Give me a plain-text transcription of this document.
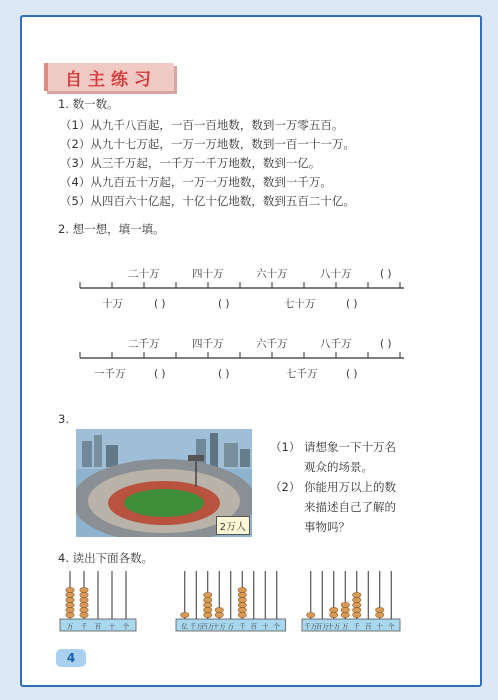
自主练习
1. 数一数。
（1）从九千八百起，一百一百地数，数到一万零五百。
（2）从九十七万起，一万一万地数，数到一百一十一万。
（3）从三千万起，一千万一千万地数，数到一亿。
（4）从九百五十万起，一万一万地数，数到一千万。
（5）从四百六十亿起，十亿十亿地数，数到五百二十亿。
2. 想一想，填一填。
二十万	四十万	六十万	八十万	( )
十万	( )	( )	七十万	( )
二千万	四千万	六千万	八千万	( )
一千万	( )	( )	七千万	( )
3.
2万人
（1） 请想象一下十万名
观众的场景。
（2） 你能用万以上的数
来描述自己了解的
事物吗？
4. 读出下面各数。
万 千 百 十 个	亿 千万
百万
十万 万 千 百 十 个	千万
百万
十万 万 千 百 十 个
4
